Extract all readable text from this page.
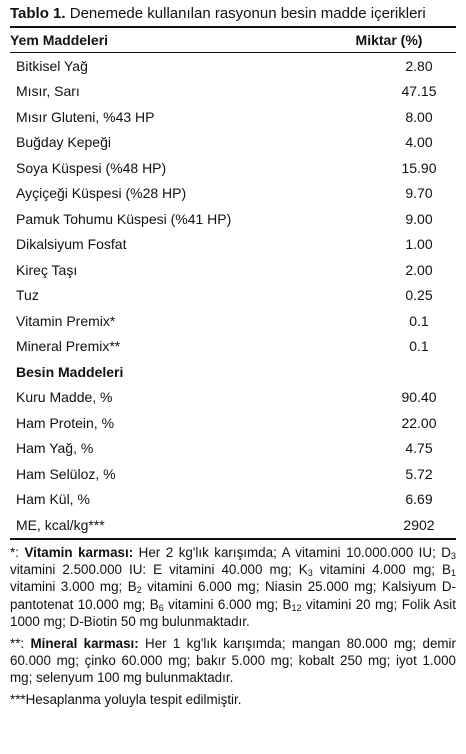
Tablo 1. Denemede kullanılan rasyonun besin madde içerikleri

Yem Maddeleri	Miktar (%)
Bitkisel Yağ	2.80
Mısır, Sarı	47.15
Mısır Gluteni, %43 HP	8.00
Buğday Kepeği	4.00
Soya Küspesi (%48 HP)	15.90
Ayçiçeği Küspesi (%28 HP)	9.70
Pamuk Tohumu Küspesi (%41 HP)	9.00
Dikalsiyum Fosfat	1.00
Kireç Taşı	2.00
Tuz	0.25
Vitamin Premix*	0.1
Mineral Premix**	0.1
Besin Maddeleri	
Kuru Madde, %	90.40
Ham Protein, %	22.00
Ham Yağ, %	4.75
Ham Selüloz, %	5.72
Ham Kül, %	6.69
ME, kcal/kg***	2902

*: Vitamin karması: Her 2 kg'lık karışımda; A vitamini 10.000.000 IU; $D_3$ vitamini 2.500.000 IU: E vitamini 40.000 mg; $K_3$ vitamini 4.000 mg; $B_1$ vitamini 3.000 mg; $B_2$ vitamini 6.000 mg; Niasin 25.000 mg; Kalsiyum D-pantotenat 10.000 mg; $B_6$ vitamini 6.000 mg; $B_{12}$ vitamini 20 mg; Folik Asit 1000 mg; D-Biotin 50 mg bulunmaktadır.

**: Mineral karması: Her 1 kg'lık karışımda; mangan 80.000 mg; demir 60.000 mg; çinko 60.000 mg; bakır 5.000 mg; kobalt 250 mg; iyot 1.000 mg; selenyum 100 mg bulunmaktadır.

***Hesaplanma yoluyla tespit edilmiştir.
